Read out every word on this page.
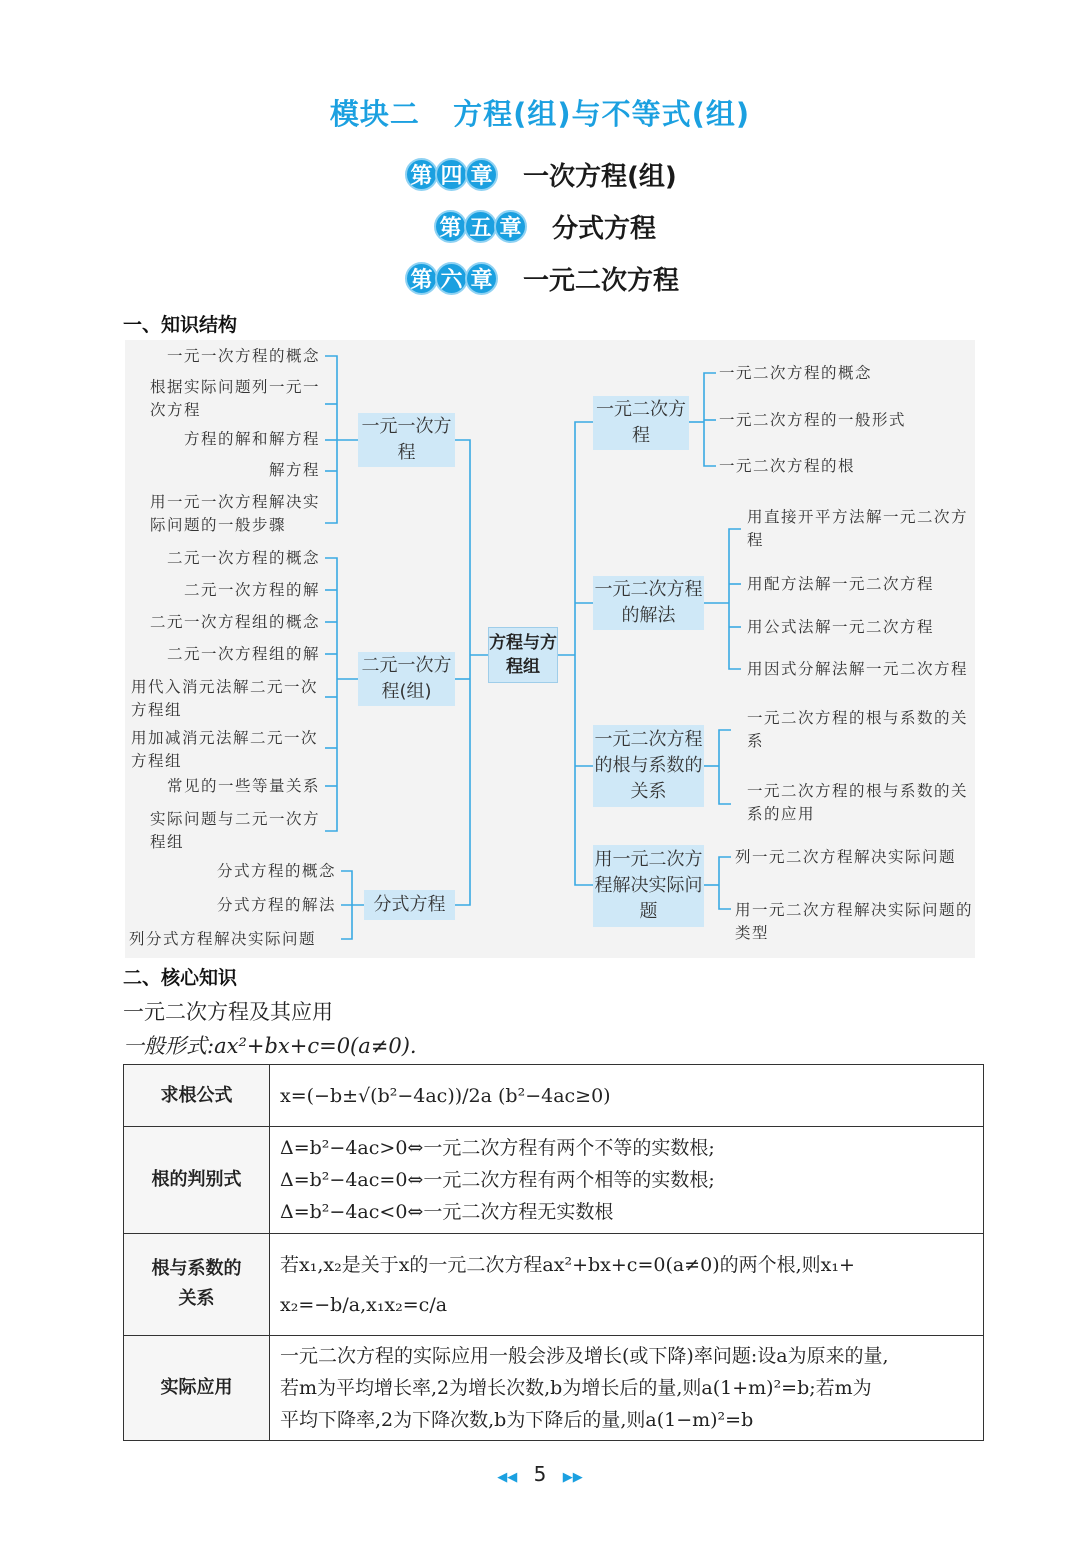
模块二   方程(组)与不等式(组)
第 四 章 一次方程(组)
第 五 章 分式方程
第 六 章 一元二次方程
一、知识结构
一元一次方程的概念
根据实际问题列一元一次方程
方程的解和解方程
解方程
用一元一次方程解决实际问题的一般步骤
二元一次方程的概念
二元一次方程的解
二元一次方程组的概念
二元一次方程组的解
用代入消元法解二元一次方程组
用加减消元法解二元一次方程组
常见的一些等量关系
实际问题与二元一次方程组
分式方程的概念
分式方程的解法
列分式方程解决实际问题
一元一次方程
二元一次方程(组)
分式方程
方程与方程组
一元二次方程
一元二次方程的解法
一元二次方程的根与系数的关系
用一元二次方程解决实际问题
一元二次方程的概念
一元二次方程的一般形式
一元二次方程的根
用直接开平方法解一元二次方程
用配方法解一元二次方程
用公式法解一元二次方程
用因式分解法解一元二次方程
一元二次方程的根与系数的关系
一元二次方程的根与系数的关系的应用
列一元二次方程解决实际问题
用一元二次方程解决实际问题的类型
二、核心知识
一元二次方程及其应用
一般形式:ax²+bx+c=0(a≠0).
求根公式	x=(−b±√(b²−4ac))/2a (b²−4ac≥0)

根的判别式	Δ=b²−4ac>0⇔一元二次方程有两个不等的实数根;
Δ=b²−4ac=0⇔一元二次方程有两个相等的实数根;
Δ=b²−4ac<0⇔一元二次方程无实数根

根与系数的关系	若x₁,x₂是关于x的一元二次方程ax²+bx+c=0(a≠0)的两个根,则x₁+
x₂=−b/a,x₁x₂=c/a

实际应用	一元二次方程的实际应用一般会涉及增长(或下降)率问题:设a为原来的量,
若m为平均增长率,2为增长次数,b为增长后的量,则a(1+m)²=b;若m为
平均下降率,2为下降次数,b为下降后的量,则a(1−m)²=b
◀◀ 5 ▶▶
